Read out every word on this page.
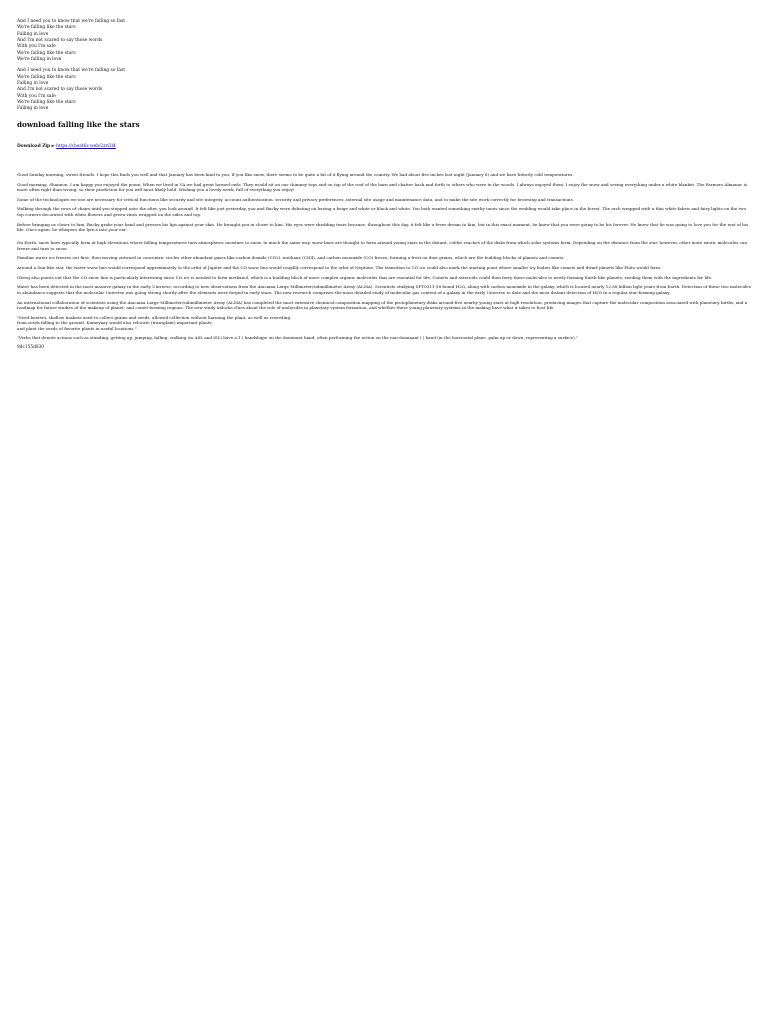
And I need you to know that we're falling so fast

We're falling like the stars

Falling in love

And I'm not scared to say those words

With you I'm safe

We're falling like the stars

We're falling in love

And I need you to know that we're falling so fast

We're falling like the stars

Falling in love

And I'm not scared to say those words

With you I'm safe

We're falling like the stars

Falling in love

download falling like the stars
Download Zip ► https://cheat6z.web/2zri3l4

Good Sunday morning, sweet friends. I hope this finds you well and that January has been kind to you. If you like snow, there seems to be quite a bit of it flying around the country. We had about five inches last night (January 6) and we have bitterly cold temperatures.

Good morning, Shannon. I am happy you enjoyed the poem. When we lived in VA we had great horned owls. They would sit on our chimney tops and on top of the roof of the barn and chatter back and forth to others who were in the woods. I always enjoyed them. I enjoy the snow and seeing everything under a white blanket. The Farmers Almanac is more often right than wrong, so their prediction for you will most likely hold. Wishing you a lovely week, full of everything you enjoy!

Some of the technologies we use are necessary for critical functions like security and site integrity, account authentication, security and privacy preferences, internal site usage and maintenance data, and to make the site work correctly for browsing and transactions.

Walking through the rows of chairs until you stepped onto the alter, you look around. It felt like just yesterday, you and Bucky were debating on having a beige and white or black and white. You both wanted something earthy tones since the wedding would take place in the forest. The arch wrapped with a thin white fabric and fairy lights on the two top corners decorated with white flowers and green vines wrapped on the sides and top.

Before bringing us closer to him. Bucky grabs your hand and presses his lips against your skin. He brought you in closer to him. His eyes were shedding tears because, throughout this day, it felt like a fever dream to him, but in this exact moment, he knew that you were going to be his forever. He knew that he was going to love you for the rest of his life. Once again, he whispers the lyrics into your ear.

On Earth, snow lines typically form at high elevations where falling temperatures turn atmospheric moisture to snow. In much the same way, snow lines are thought to form around young stars in the distant, colder reaches of the disks from which solar systems form. Depending on the distance from the star, however, other more exotic molecules can freeze and turn to snow.

Familiar water ice freezes out first, then moving outward in concentric circles other abundant gases like carbon dioxide (CO2), methane (CH4), and carbon monoxide (CO) freeze, forming a frost on dust grains, which are the building blocks of planets and comets.

Around a Sun-like star, the water snow line would correspond approximately to the orbit of Jupiter and the CO snow line would roughly correspond to the orbit of Neptune. The transition to CO ice could also mark the starting point where smaller icy bodies like comets and dwarf planets like Pluto would form.

Oberg also points out that the CO snow line is particularly interesting since CO ice is needed to form methanol, which is a building block of more complex organic molecules that are essential for life. Comets and asteroids could then ferry these molecules to newly forming Earth-like planets, seeding them with the ingredients for life.

Water has been detected in the most massive galaxy in the early Universe, according to new observations from the Atacama Large Millimeter/submillimeter Array (ALMA). Scientists studying SPT0311-58 found H2O, along with carbon monoxide in the galaxy, which is located nearly 12.88 billion light years from Earth. Detection of these two molecules in abundance suggests that the molecular Universe was going strong shortly after the elements were forged in early stars. The new research comprises the most detailed study of molecular gas content of a galaxy in the early Universe to date and the most distant detection of H2O in a regular star-forming galaxy.

An international collaboration of scientists using the Atacama Large Millimeter/submillimeter Array (ALMA) has completed the most extensive chemical composition mapping of the protoplanetary disks around five nearby young stars at high resolution, producing images that capture the molecular composition associated with planetary births, and a roadmap for future studies of the makeup of planet- and comet-forming regions. The new study unlocks clues about the role of molecules in planetary system formation, and whether these young planetary systems in the making have what it takes to host life.

"Seed beaters, shallow baskets used to collect grains and seeds, allowed collection without harming the plant, as well as reseeding

from seeds falling to the ground. Kumeyaay would also relocate (transplant) important plants,

and plant the seeds of favorite plants in useful locations."

"Verbs that denote actions such as standing, getting up, jumping, falling, walking (in ASL and ISL) have a 1 | handshape on the dominant hand, often performing the action on the non-dominant | | hand (in the horizontal plane, palm up or down, representing a surface)."

9dc155d830
